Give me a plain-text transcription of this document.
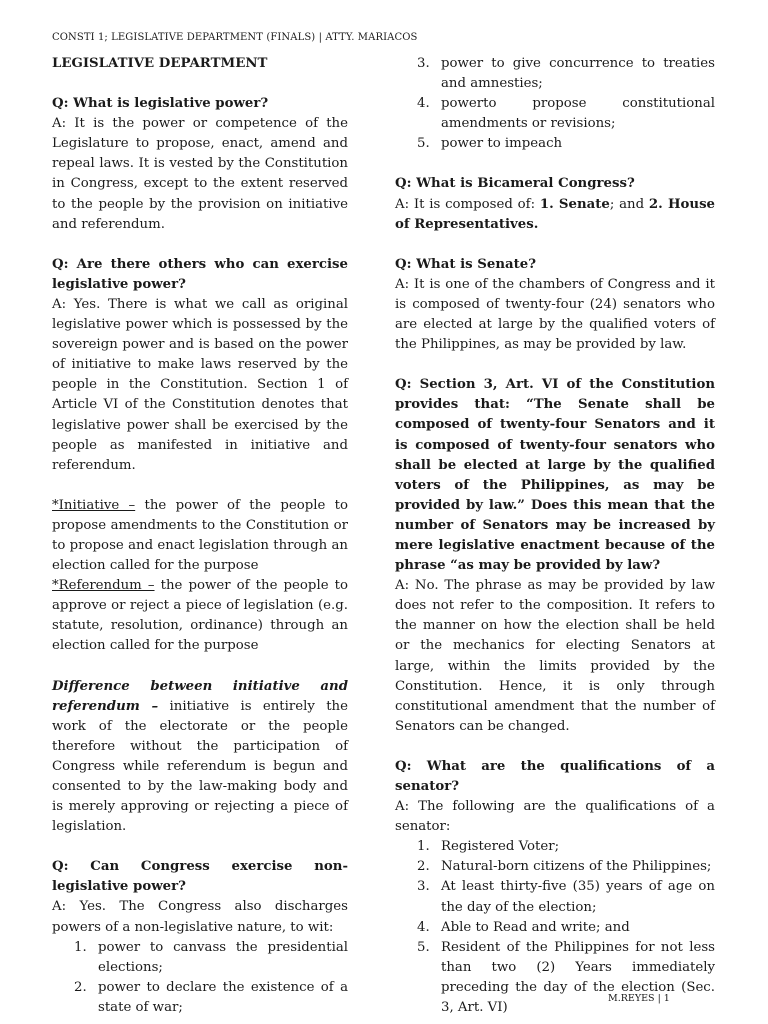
CONSTI 1; LEGISLATIVE DEPARTMENT (FINALS) | ATTY. MARIACOS

LEGISLATIVE DEPARTMENT

Q: What is legislative power?

A: It is the power or competence of the Legislature to propose, enact, amend and repeal laws. It is vested by the Constitution in Congress, except to the extent reserved to the people by the provision on initiative and referendum.

Q: Are there others who can exercise legislative power?

A: Yes. There is what we call as original legislative power which is possessed by the sovereign power and is based on the power of initiative to make laws reserved by the people in the Constitution. Section 1 of Article VI of the Constitution denotes that legislative power shall be exercised by the people as manifested in initiative and referendum.

*Initiative – the power of the people to propose amendments to the Constitution or to propose and enact legislation through an election called for the purpose

*Referendum – the power of the people to approve or reject a piece of legislation (e.g. statute, resolution, ordinance) through an election called for the purpose

Difference between initiative and referendum – initiative is entirely the work of the electorate or the people therefore without the participation of Congress while referendum is begun and consented to by the law-making body and is merely approving or rejecting a piece of legislation.

Q: Can Congress exercise non-legislative power?

A: Yes. The Congress also discharges powers of a non-legislative nature, to wit:

1. power to canvass the presidential elections;
2. power to declare the existence of a state of war;
3. power to give concurrence to treaties and amnesties;
4. powerto propose constitutional amendments or revisions;
5. power to impeach

Q: What is Bicameral Congress?

A: It is composed of: 1. Senate; and 2. House of Representatives.

Q: What is Senate?

A: It is one of the chambers of Congress and it is composed of twenty-four (24) senators who are elected at large by the qualified voters of the Philippines, as may be provided by law.

Q: Section 3, Art. VI of the Constitution provides that: “The Senate shall be composed of twenty-four Senators and it is composed of twenty-four senators who shall be elected at large by the qualified voters of the Philippines, as may be provided by law.” Does this mean that the number of Senators may be increased by mere legislative enactment because of the phrase “as may be provided by law?

A: No. The phrase as may be provided by law does not refer to the composition. It refers to the manner on how the election shall be held or the mechanics for electing Senators at large, within the limits provided by the Constitution. Hence, it is only through constitutional amendment that the number of Senators can be changed.

Q: What are the qualifications of a senator?

A: The following are the qualifications of a senator:

1. Registered Voter;
2. Natural-born citizens of the Philippines;
3. At least thirty-five (35) years of age on the day of the election;
4. Able to Read and write; and
5. Resident of the Philippines for not less than two (2) Years immediately preceding the day of the election (Sec. 3, Art. VI)
M.REYES | 1
